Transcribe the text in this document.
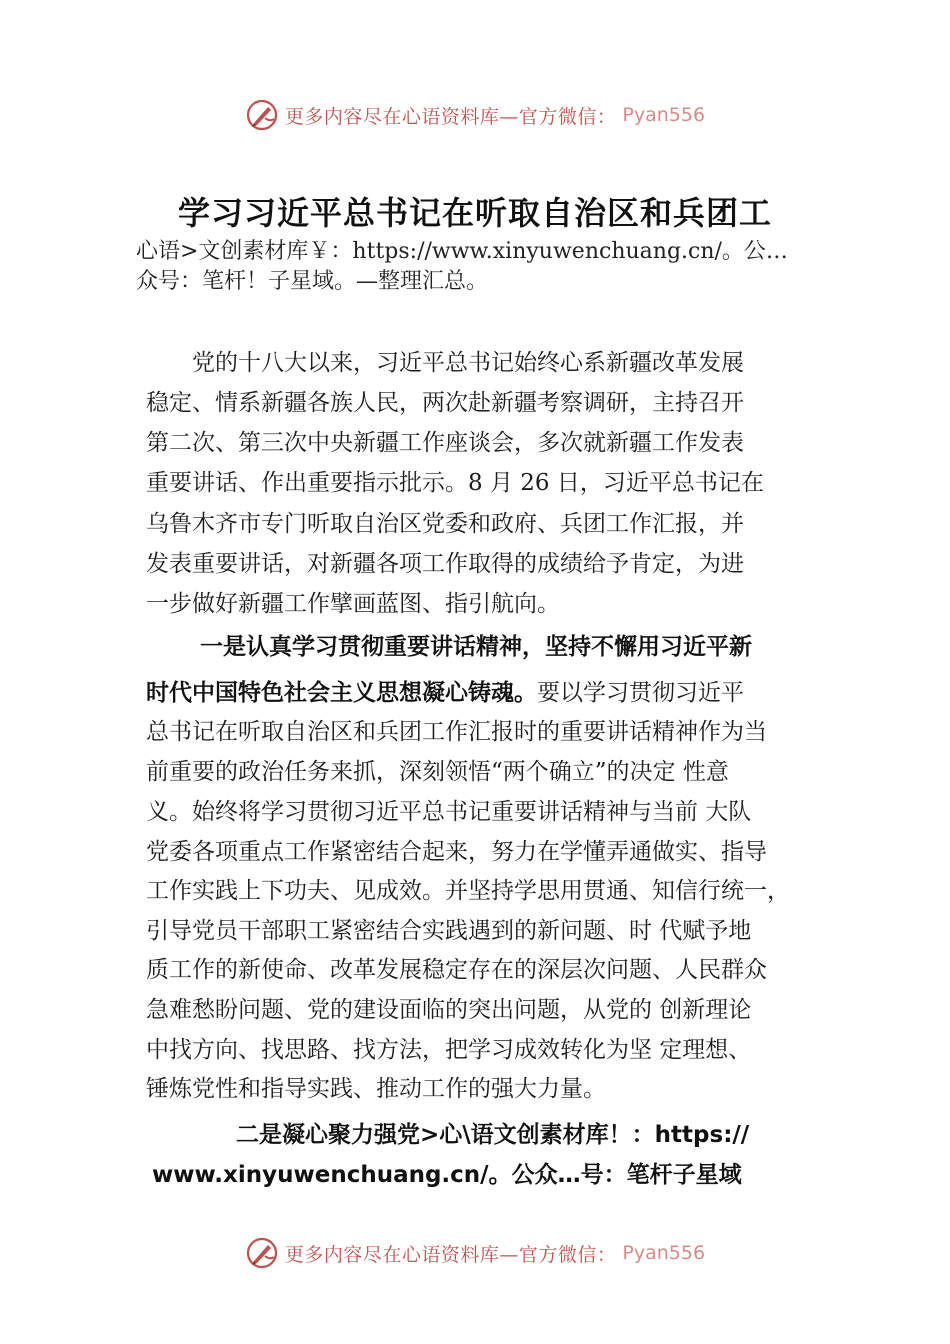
更多内容尽在心语资料库—官方微信： Pyan556
学习习近平总书记在听取自治区和兵团工
心语>文创素材库￥：https://www.xinyuwenchuang.cn/。公…
众号：笔杆！子星域。—整理汇总。
党的十八大以来，习近平总书记始终心系新疆改革发展
稳定、情系新疆各族人民，两次赴新疆考察调研，主持召开
第二次、第三次中央新疆工作座谈会，多次就新疆工作发表
重要讲话、作出重要指示批示。8 月 26 日，习近平总书记在
乌鲁木齐市专门听取自治区党委和政府、兵团工作汇报，并
发表重要讲话，对新疆各项工作取得的成绩给予肯定，为进
一步做好新疆工作擘画蓝图、指引航向。
一是认真学习贯彻重要讲话精神，坚持不懈用习近平新
时代中国特色社会主义思想凝心铸魂。要以学习贯彻习近平
总书记在听取自治区和兵团工作汇报时的重要讲话精神作为当
前重要的政治任务来抓，深刻领悟“两个确立”的决定 性意
义。始终将学习贯彻习近平总书记重要讲话精神与当前 大队
党委各项重点工作紧密结合起来，努力在学懂弄通做实、指导
工作实践上下功夫、见成效。并坚持学思用贯通、知信行统一，
引导党员干部职工紧密结合实践遇到的新问题、时 代赋予地
质工作的新使命、改革发展稳定存在的深层次问题、人民群众
急难愁盼问题、党的建设面临的突出问题，从党的 创新理论
中找方向、找思路、找方法，把学习成效转化为坚 定理想、
锤炼党性和指导实践、推动工作的强大力量。
二是凝心聚力强党>心\语文创素材库！：https://
www.xinyuwenchuang.cn/。公众…号：笔杆子星域
更多内容尽在心语资料库—官方微信： Pyan556
